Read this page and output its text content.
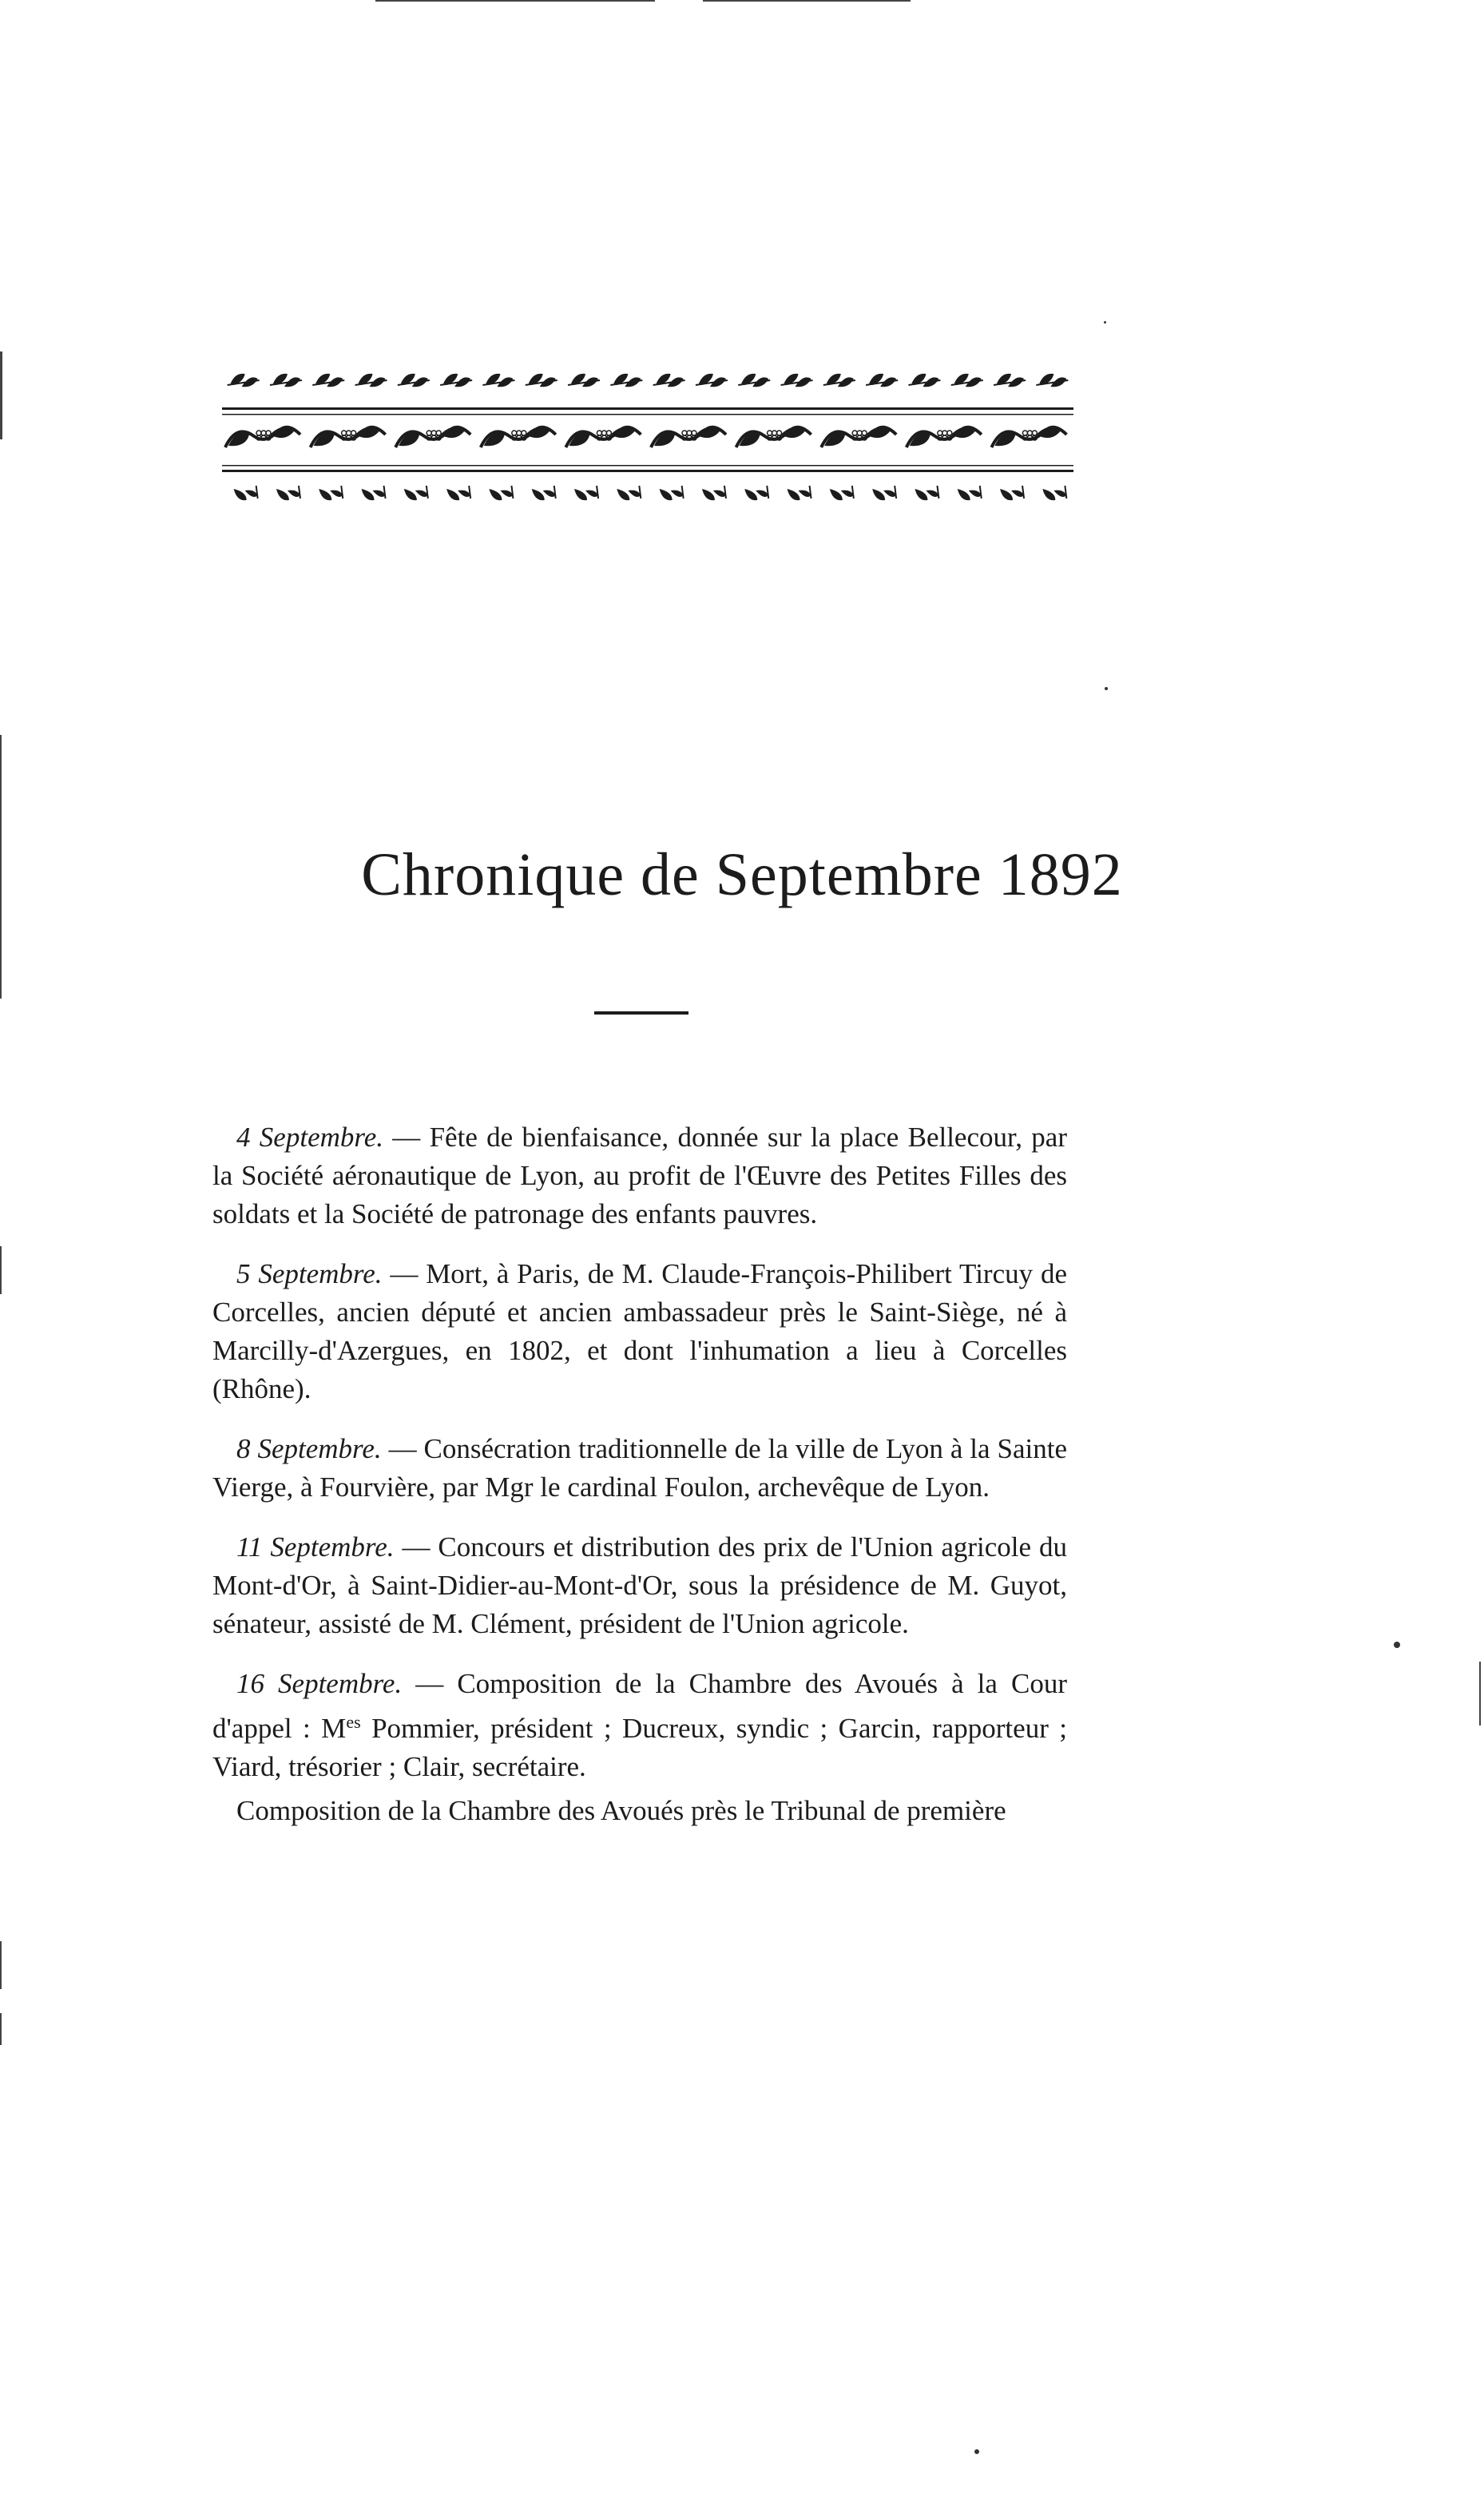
Chronique de Septembre 1892

4 Septembre. — Fête de bienfaisance, donnée sur la place Bellecour, par la Société aéronautique de Lyon, au profit de l'Œuvre des Petites Filles des soldats et la Société de patronage des enfants pauvres.

5 Septembre. — Mort, à Paris, de M. Claude-François-Philibert Tircuy de Corcelles, ancien député et ancien ambassadeur près le Saint-Siège, né à Marcilly-d'Azergues, en 1802, et dont l'inhumation a lieu à Corcelles (Rhône).

8 Septembre. — Consécration traditionnelle de la ville de Lyon à la Sainte Vierge, à Fourvière, par Mgr le cardinal Foulon, archevêque de Lyon.

11 Septembre. — Concours et distribution des prix de l'Union agricole du Mont-d'Or, à Saint-Didier-au-Mont-d'Or, sous la présidence de M. Guyot, sénateur, assisté de M. Clément, président de l'Union agricole.

16 Septembre. — Composition de la Chambre des Avoués à la Cour d'appel : $M^{es}$ Pommier, président ; Ducreux, syndic ; Garcin, rapporteur ; Viard, trésorier ; Clair, secrétaire.

Composition de la Chambre des Avoués près le Tribunal de première
